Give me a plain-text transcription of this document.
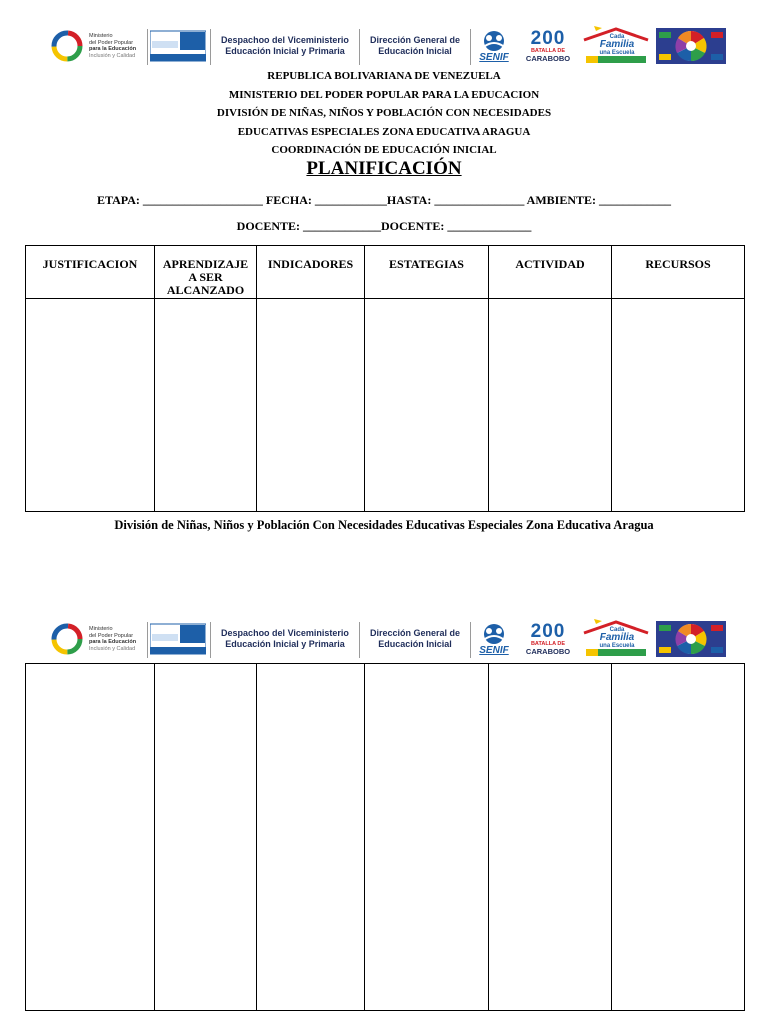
Ministerio
del Poder Popular
para la Educación
Inclusión y Calidad
Despachoo del Viceministerio
Educación Inicial y Primaria
Dirección General de
Educación Inicial
SENIF
200
BATALLA DE
CARABOBO
Cada
Familia
una Escuela
REPUBLICA BOLIVARIANA DE VENEZUELA
MINISTERIO DEL PODER POPULAR PARA LA EDUCACION
DIVISIÓN DE NIÑAS, NIÑOS Y POBLACIÓN CON NECESIDADES
EDUCATIVAS ESPECIALES ZONA EDUCATIVA ARAGUA
COORDINACIÓN DE EDUCACIÓN INICIAL
PLANIFICACIÓN
ETAPA: ____________________ FECHA: ____________HASTA: _______________ AMBIENTE: ____________
DOCENTE: _____________DOCENTE: ______________
JUSTIFICACION	APRENDIZAJE
A SER
ALCANZADO	INDICADORES	ESTATEGIAS	ACTIVIDAD	RECURSOS

División de Niñas, Niños y Población Con Necesidades Educativas Especiales Zona Educativa Aragua
Ministerio
del Poder Popular
para la Educación
Inclusión y Calidad
Despachoo del Viceministerio
Educación Inicial y Primaria
Dirección General de
Educación Inicial
SENIF
200
BATALLA DE
CARABOBO
Cada
Familia
una Escuela
